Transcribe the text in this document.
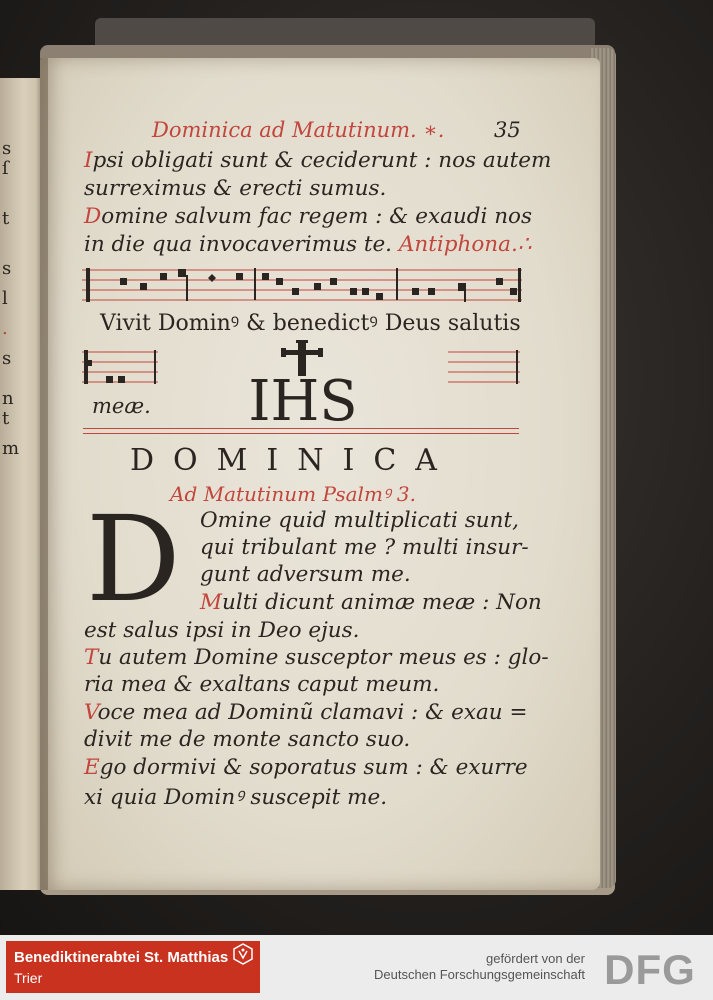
s
ſ
t
s
l
.
s
n
t
m
Dominica ad Matutinum. ∗. 35
Ipsi obligati sunt & ceciderunt : nos autem
surreximus & erecti sumus.
Domine salvum fac regem : & exaudi nos
in die qua invocaverimus te. Antiphona.∴
Vivit Dominꝰ & benedictꝰ Deus salutis
meæ. IHS
DOMINICA
Ad Matutinum Psalmꝰ 3.
D Omine quid multiplicati sunt,
qui tribulant me ? multi insur-
gunt adversum me.
Multi dicunt animæ meæ : Non
est salus ipsi in Deo ejus.
Tu autem Domine susceptor meus es : glo-
ria mea & exaltans caput meum.
Voce mea ad Dominũ clamavi : & exau =
divit me de monte sancto suo.
Ego dormivi & soporatus sum : & exurre
xi quia Dominꝰ suscepit me.
Benediktinerabtei St. Matthias
Trier
gefördert von der
Deutschen Forschungsgemeinschaft DFG
